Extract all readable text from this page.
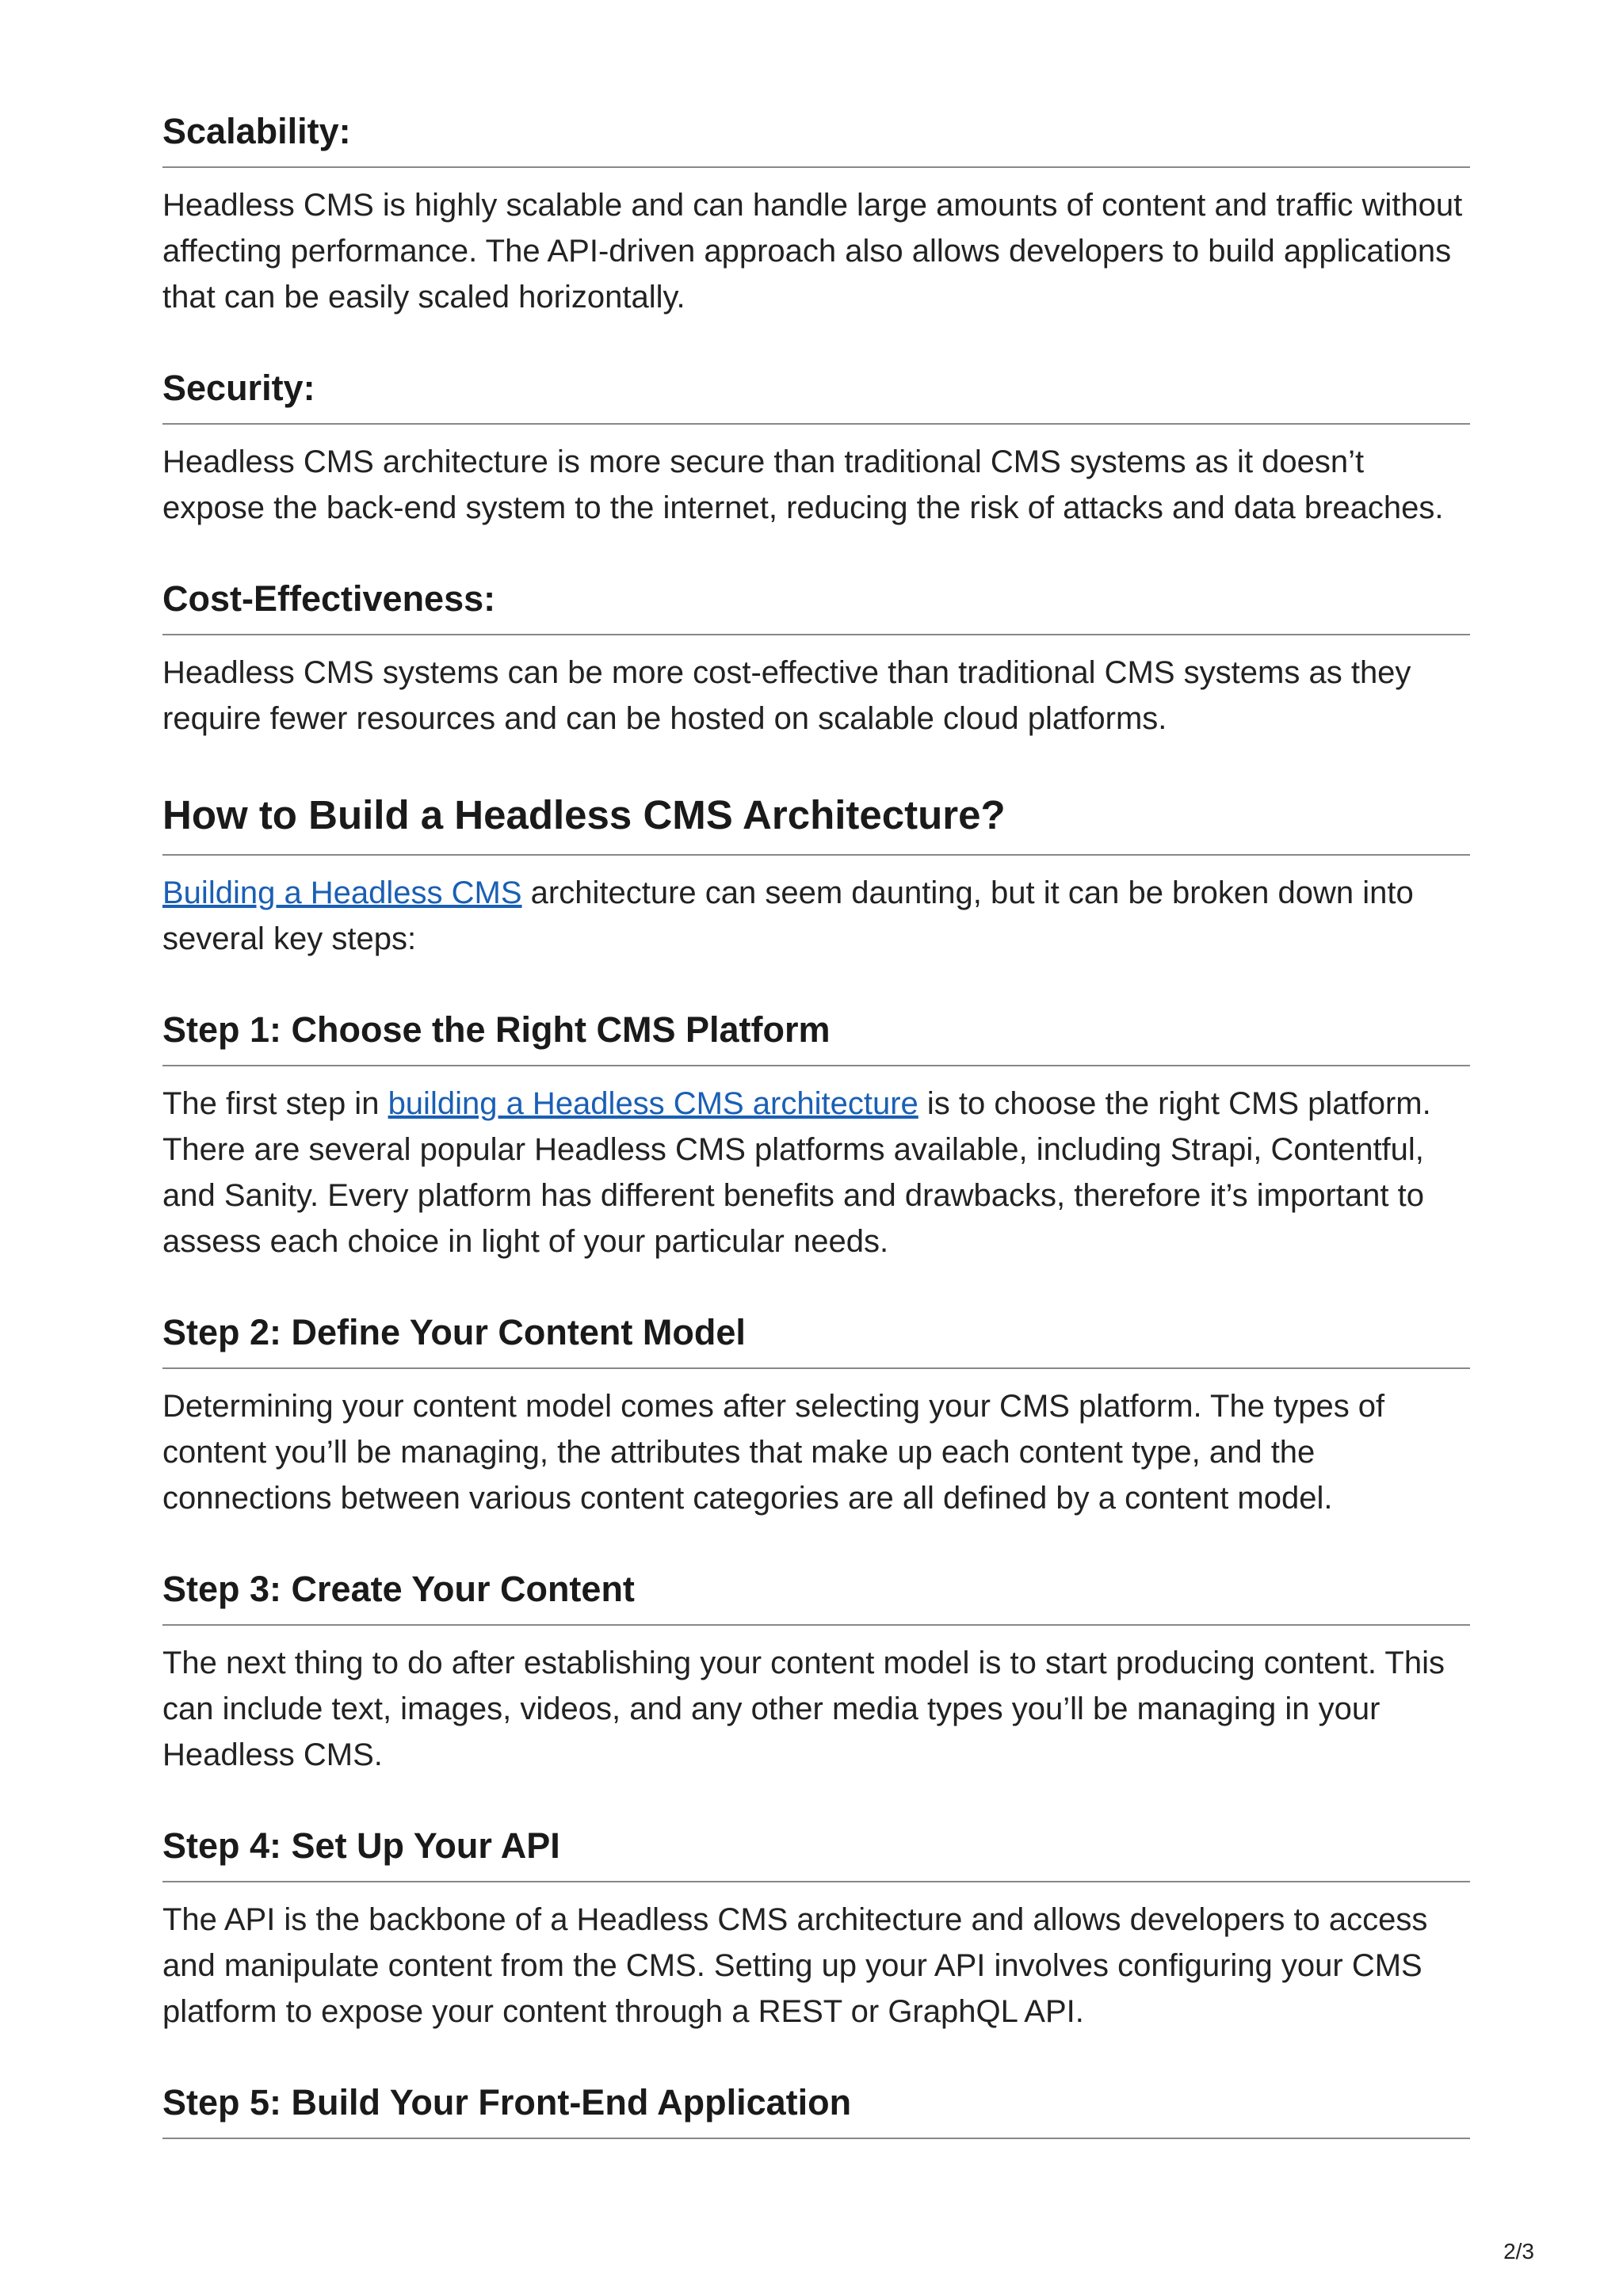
Scalability:

Headless CMS is highly scalable and can handle large amounts of content and traffic without affecting performance. The API-driven approach also allows developers to build applications that can be easily scaled horizontally.

Security:

Headless CMS architecture is more secure than traditional CMS systems as it doesn’t expose the back-end system to the internet, reducing the risk of attacks and data breaches.

Cost-Effectiveness:

Headless CMS systems can be more cost-effective than traditional CMS systems as they require fewer resources and can be hosted on scalable cloud platforms.

How to Build a Headless CMS Architecture?

Building a Headless CMS architecture can seem daunting, but it can be broken down into several key steps:

Step 1: Choose the Right CMS Platform

The first step in building a Headless CMS architecture is to choose the right CMS platform. There are several popular Headless CMS platforms available, including Strapi, Contentful, and Sanity. Every platform has different benefits and drawbacks, therefore it’s important to assess each choice in light of your particular needs.

Step 2: Define Your Content Model

Determining your content model comes after selecting your CMS platform. The types of content you’ll be managing, the attributes that make up each content type, and the connections between various content categories are all defined by a content model.

Step 3: Create Your Content

The next thing to do after establishing your content model is to start producing content. This can include text, images, videos, and any other media types you’ll be managing in your Headless CMS.

Step 4: Set Up Your API

The API is the backbone of a Headless CMS architecture and allows developers to access and manipulate content from the CMS. Setting up your API involves configuring your CMS platform to expose your content through a REST or GraphQL API.

Step 5: Build Your Front-End Application
2/3
